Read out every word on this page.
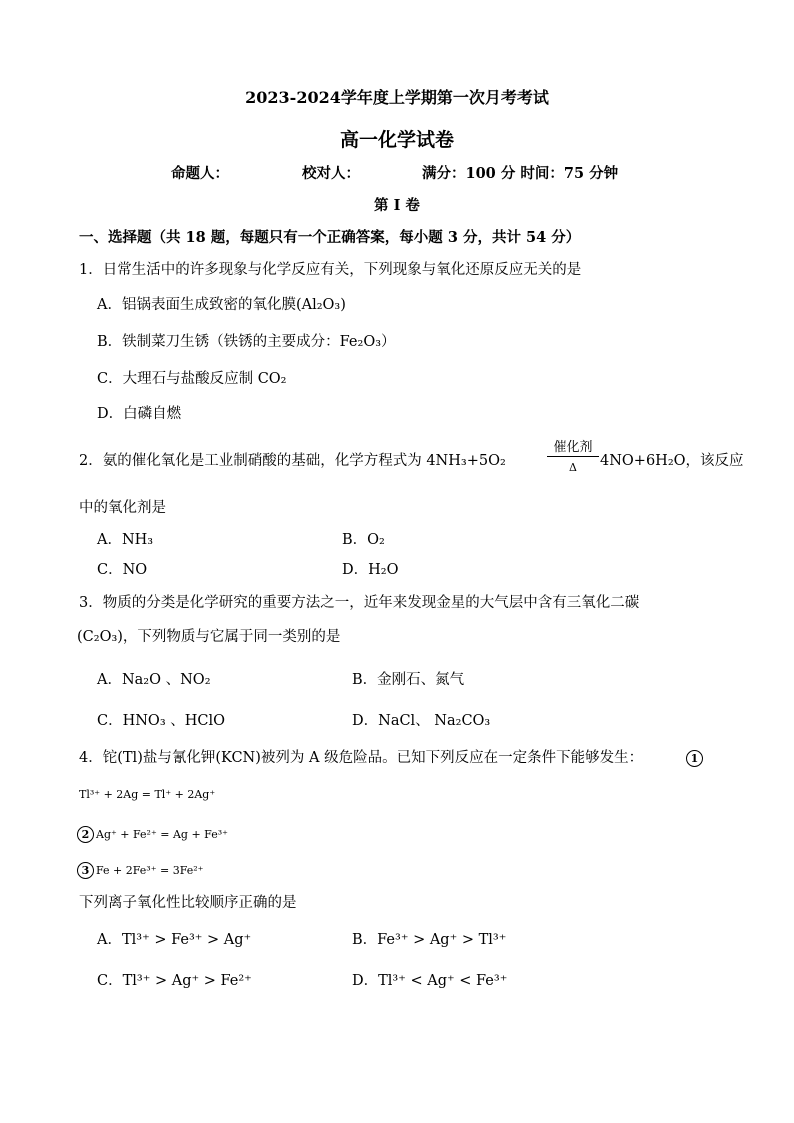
2023-2024学年度上学期第一次月考考试
高一化学试卷
命题人：	校对人：	满分：100 分 时间：75 分钟
第 I 卷
一、选择题（共 18 题，每题只有一个正确答案，每小题 3 分，共计 54 分）
1．日常生活中的许多现象与化学反应有关，下列现象与氧化还原反应无关的是
A．铝锅表面生成致密的氧化膜(Al₂O₃)
B．铁制菜刀生锈（铁锈的主要成分：Fe₂O₃）
C．大理石与盐酸反应制 CO₂
D．白磷自燃
2．氨的催化氧化是工业制硝酸的基础，化学方程式为 4NH₃+5O₂
催化剂
Δ	4NO+6H₂O，该反应
中的氧化剂是
A．NH₃	B．O₂
C．NO	D．H₂O
3．物质的分类是化学研究的重要方法之一，近年来发现金星的大气层中含有三氧化二碳
(C₂O₃)，下列物质与它属于同一类别的是
A．Na₂O 、NO₂	B．金刚石、氮气
C．HNO₃ 、HClO	D．NaCl、 Na₂CO₃
4．铊(Tl)盐与氰化钾(KCN)被列为 A 级危险品。已知下列反应在一定条件下能够发生：	1
Tl³⁺ + 2Ag = Tl⁺ + 2Ag⁺
2 Ag⁺ + Fe²⁺ = Ag + Fe³⁺
3 Fe + 2Fe³⁺ = 3Fe²⁺
下列离子氧化性比较顺序正确的是
A．Tl³⁺ > Fe³⁺ > Ag⁺	B．Fe³⁺ > Ag⁺ > Tl³⁺
C．Tl³⁺ > Ag⁺ > Fe²⁺	D．Tl³⁺ < Ag⁺ < Fe³⁺
